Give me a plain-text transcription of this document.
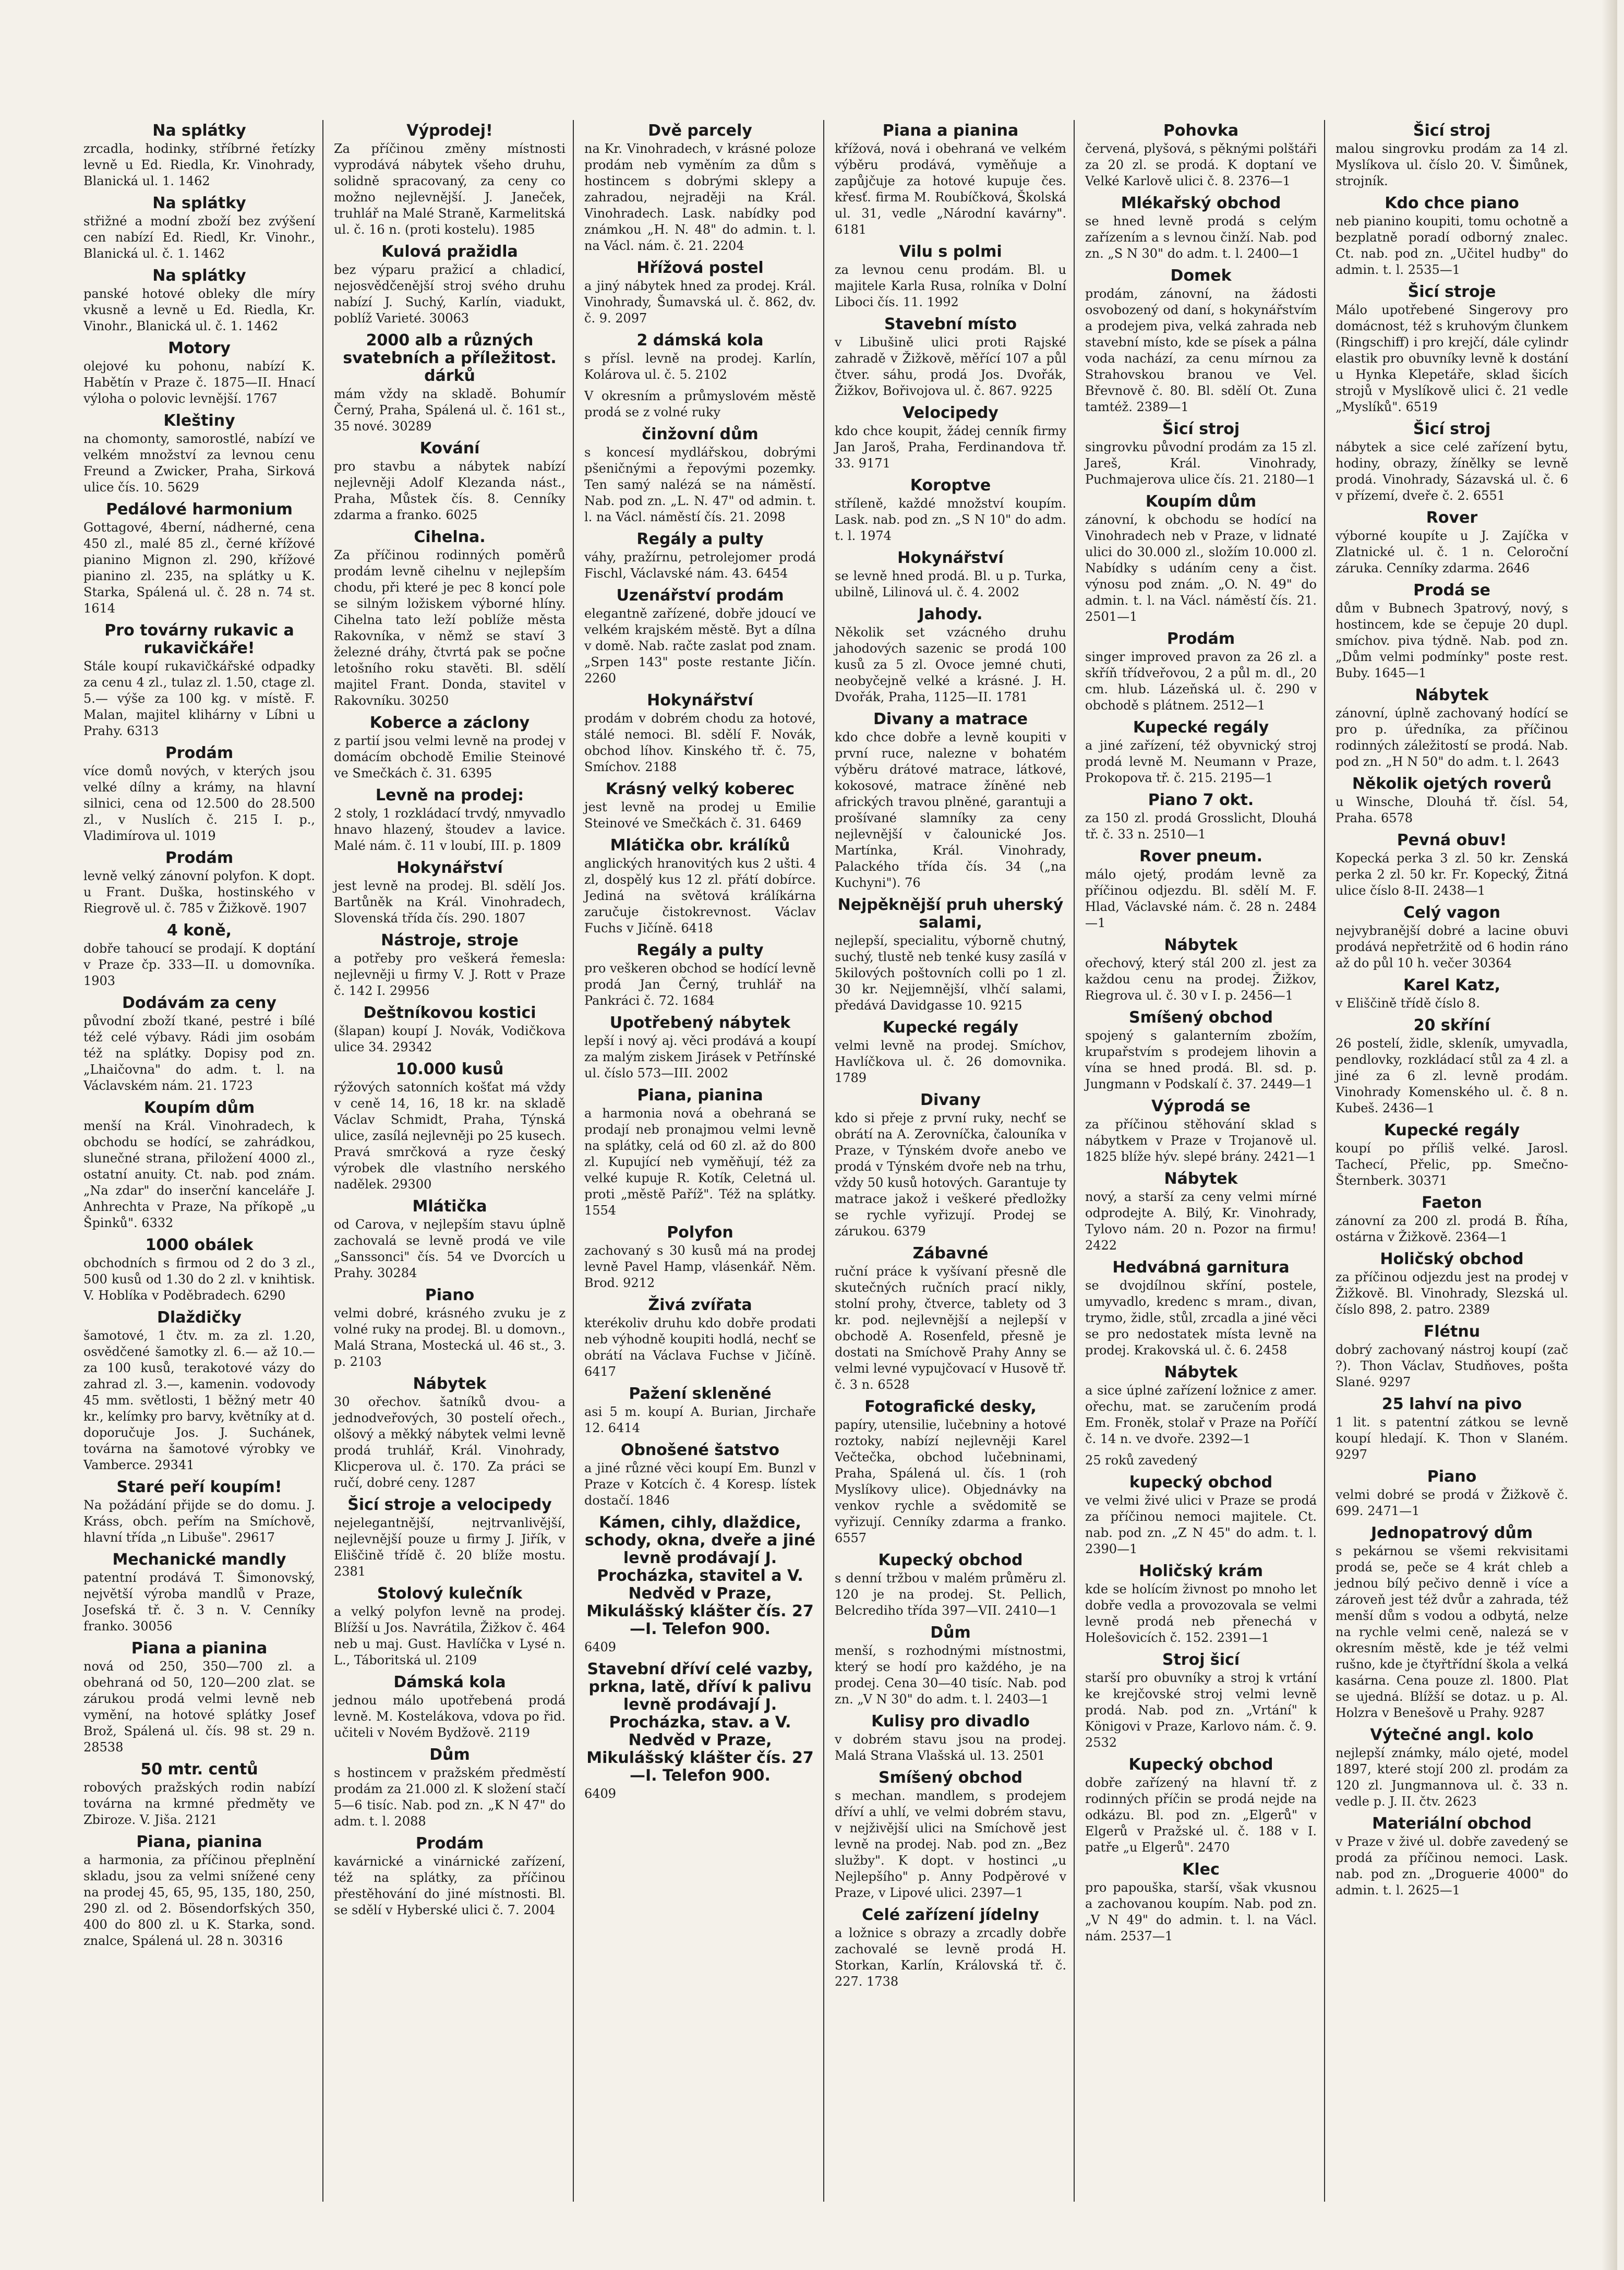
Na splátky

zrcadla, hodinky, stříbrné řetízky levně u Ed. Riedla, Kr. Vinohrady, Blanická ul. 1. 1462

Na splátky

střižné a modní zboží bez zvýšení cen nabízí Ed. Riedl, Kr. Vinohr., Blanická ul. č. 1. 1462

Na splátky

panské hotové obleky dle míry vkusně a levně u Ed. Riedla, Kr. Vinohr., Blanická ul. č. 1. 1462

Motory

olejové ku pohonu, nabízí K. Habětín v Praze č. 1875—II. Hnací výloha o polovic levnější. 1767

Kleštiny

na chomonty, samorostlé, nabízí ve velkém množství za levnou cenu Freund a Zwicker, Praha, Sirková ulice čís. 10. 5629

Pedálové harmonium

Gottagové, 4berní, nádherné, cena 450 zl., malé 85 zl., černé křížové pianino Mignon zl. 290, křížové pianino zl. 235, na splátky u K. Starka, Spálená ul. č. 28 n. 74 st. 1614

Pro továrny rukavic a rukavičkáře!

Stále koupí rukavičkářské odpadky za cenu 4 zl., tulaz zl. 1.50, ctage zl. 5.— výše za 100 kg. v místě. F. Malan, majitel klihárny v Líbni u Prahy. 6313

Prodám

více domů nových, v kterých jsou velké dílny a krámy, na hlavní silnici, cena od 12.500 do 28.500 zl., v Nuslích č. 215 I. p., Vladimírova ul. 1019

Prodám

levně velký zánovní polyfon. K dopt. u Frant. Duška, hostinského v Riegrově ul. č. 785 v Žižkově. 1907

4 koně,

dobře tahoucí se prodají. K doptání v Praze čp. 333—II. u domovníka. 1903

Dodávám za ceny

původní zboží tkané, pestré i bílé též celé výbavy. Rádi jim osobám též na splátky. Dopisy pod zn. „Lhaičovna" do adm. t. l. na Václavském nám. 21. 1723

Koupím dům

menší na Král. Vinohradech, k obchodu se hodící, se zahrádkou, slunečné strana, přiložení 4000 zl., ostatní anuity. Ct. nab. pod znám. „Na zdar" do inserční kanceláře J. Anhrechta v Praze, Na příkopě „u Špinků". 6332

1000 obálek

obchodních s firmou od 2 do 3 zl., 500 kusů od 1.30 do 2 zl. v knihtisk. V. Hoblíka v Poděbradech. 6290

Dlaždičky

šamotové, 1 čtv. m. za zl. 1.20, osvědčené šamotky zl. 6.— až 10.— za 100 kusů, terakotové vázy do zahrad zl. 3.—, kamenin. vodovody 45 mm. světlosti, 1 běžný metr 40 kr., kelímky pro barvy, květníky at d. doporučuje Jos. J. Suchánek, továrna na šamotové výrobky ve Vamberce. 29341

Staré peří koupím!

Na požádání přijde se do domu. J. Kráss, obch. peřím na Smíchově, hlavní třída „n Libuše". 29617

Mechanické mandly

patentní prodává T. Šimonovský, největší výroba mandlů v Praze, Josefská tř. č. 3 n. V. Cenníky franko. 30056

Piana a pianina

nová od 250, 350—700 zl. a obehraná od 50, 120—200 zlat. se zárukou prodá velmi levně neb vymění, na hotové splátky Josef Brož, Spálená ul. čís. 98 st. 29 n. 28538

50 mtr. centů

robových pražských rodin nabízí továrna na krmné předměty ve Zbiroze. V. Jiša. 2121

Piana, pianina

a harmonia, za příčinou přeplnění skladu, jsou za velmi snížené ceny na prodej 45, 65, 95, 135, 180, 250, 290 zl. od 2. Bösendorfských 350, 400 do 800 zl. u K. Starka, sond. znalce, Spálená ul. 28 n. 30316

Výprodej!

Za příčinou změny místnosti vyprodává nábytek všeho druhu, solidně spracovaný, za ceny co možno nejlevnější. J. Janeček, truhlář na Malé Straně, Karmelitská ul. č. 16 n. (proti kostelu). 1985

Kulová pražidla

bez výparu pražicí a chladicí, nejosvědčenější stroj svého druhu nabízí J. Suchý, Karlín, viadukt, poblíž Varieté. 30063

2000 alb a různých svatebních a příležitost. dárků

mám vždy na skladě. Bohumír Černý, Praha, Spálená ul. č. 161 st., 35 nové. 30289

Kování

pro stavbu a nábytek nabízí nejlevněji Adolf Klezanda nást., Praha, Můstek čís. 8. Cenníky zdarma a franko. 6025

Cihelna.

Za příčinou rodinných poměrů prodám levně cihelnu v nejlepším chodu, při které je pec 8 koncí pole se silným ložiskem výborné hlíny. Cihelna tato leží poblíže města Rakovníka, v němž se staví 3 železné dráhy, čtvrtá pak se počne letošního roku stavěti. Bl. sdělí majitel Frant. Donda, stavitel v Rakovníku. 30250

Koberce a záclony

z partií jsou velmi levně na prodej v domácím obchodě Emilie Steinové ve Smečkách č. 31. 6395

Levně na prodej:

2 stoly, 1 rozkládací trvdý, nmyvadlo hnavo hlazený, štoudev a lavice. Malé nám. č. 11 v loubí, III. p. 1809

Hokynářství

jest levně na prodej. Bl. sdělí Jos. Bartůněk na Král. Vinohradech, Slovenská třída čís. 290. 1807

Nástroje, stroje

a potřeby pro veškerá řemesla: nejlevněji u firmy V. J. Rott v Praze č. 142 I. 29956

Deštníkovou kostici

(šlapan) koupí J. Novák, Vodičkova ulice 34. 29342

10.000 kusů

rýžových satonních košťat má vždy v ceně 14, 16, 18 kr. na skladě Václav Schmidt, Praha, Týnská ulice, zasílá nejlevněji po 25 kusech. Pravá smrčková a ryze český výrobek dle vlastního nerského nadělek. 29300

Mlátička

od Carova, v nejlepším stavu úplně zachovalá se levně prodá ve vile „Sanssonci" čís. 54 ve Dvorcích u Prahy. 30284

Piano

velmi dobré, krásného zvuku je z volné ruky na prodej. Bl. u domovn., Malá Strana, Mostecká ul. 46 st., 3. p. 2103

Nábytek

30 ořechov. šatníků dvou- a jednodveřových, 30 postelí ořech., olšový a měkký nábytek velmi levně prodá truhlář, Král. Vinohrady, Klicperova ul. č. 170. Za práci se ručí, dobré ceny. 1287

Šicí stroje a velocipedy

nejelegantnější, nejtrvanlivější, nejlevnější pouze u firmy J. Jiřík, v Eliščině třídě č. 20 blíže mostu. 2381

Stolový kulečník

a velký polyfon levně na prodej. Blížší u Jos. Navrátila, Žižkov č. 464 neb u maj. Gust. Havlíčka v Lysé n. L., Táboritská ul. 2109

Dámská kola

jednou málo upotřebená prodá levně. M. Kostelákova, vdova po řid. učiteli v Novém Bydžově. 2119

Dům

s hostincem v pražském předměstí prodám za 21.000 zl. K složení stačí 5—6 tisíc. Nab. pod zn. „K N 47" do adm. t. l. 2088

Prodám

kavárnické a vinárnické zařízení, též na splátky, za příčinou přestěhování do jiné místnosti. Bl. se sdělí v Hyberské ulici č. 7. 2004

Dvě parcely

na Kr. Vinohradech, v krásné poloze prodám neb vyměním za dům s hostincem s dobrými sklepy a zahradou, nejraději na Král. Vinohradech. Lask. nabídky pod známkou „H. N. 48" do admin. t. l. na Václ. nám. č. 21. 2204

Hřížová postel

a jiný nábytek hned za prodej. Král. Vinohrady, Šumavská ul. č. 862, dv. č. 9. 2097

2 dámská kola

s přísl. levně na prodej. Karlín, Kolárova ul. č. 5. 2102

V okresním a průmyslovém městě prodá se z volné ruky

činžovní dům

s koncesí mydlářskou, dobrými pšeničnými a řepovými pozemky. Ten samý nalézá se na náměstí. Nab. pod zn. „L. N. 47" od admin. t. l. na Václ. náměstí čís. 21. 2098

Regály a pulty

váhy, pražírnu, petrolejomer prodá Fischl, Václavské nám. 43. 6454

Uzenářství prodám

elegantně zařízené, dobře jdoucí ve velkém krajském městě. Byt a dílna v domě. Nab. račte zaslat pod znam. „Srpen 143" poste restante Jičín. 2260

Hokynářství

prodám v dobrém chodu za hotové, stálé nemoci. Bl. sdělí F. Novák, obchod líhov. Kinského tř. č. 75, Smíchov. 2188

Krásný velký koberec

jest levně na prodej u Emilie Steinové ve Smečkách č. 31. 6469

Mlátička obr. králíků

anglických hranovitých kus 2 ušti. 4 zl, dospělý kus 12 zl. přátí dobírce. Jediná na světová králíkárna zaručuje čistokrevnost. Václav Fuchs v Jičíně. 6418

Regály a pulty

pro veškeren obchod se hodící levně prodá Jan Černý, truhlář na Pankráci č. 72. 1684

Upotřebený nábytek

lepší i nový aj. věci prodává a koupí za malým ziskem Jirásek v Petřínské ul. číslo 573—III. 2002

Piana, pianina

a harmonia nová a obehraná se prodají neb pronajmou velmi levně na splátky, celá od 60 zl. až do 800 zl. Kupující neb vyměňují, též za velké kupuje R. Kotík, Celetná ul. proti „městě Paříž". Též na splátky. 1554

Polyfon

zachovaný s 30 kusů má na prodej levně Pavel Hamp, vlásenkář. Něm. Brod. 9212

Živá zvířata

kterékoliv druhu kdo dobře prodati neb výhodně koupiti hodlá, nechť se obrátí na Václava Fuchse v Jičíně. 6417

Pažení skleněné

asi 5 m. koupí A. Burian, Jirchaře 12. 6414

Obnošené šatstvo

a jiné různé věci koupí Em. Bunzl v Praze v Kotcích č. 4 Koresp. lístek dostačí. 1846

Kámen, cihly, dlaždice, schody, okna, dveře a jiné levně prodávají J. Procházka, stavitel a V. Nedvěd v Praze, Mikulášský klášter čís. 27—I. Telefon 900.

6409

Stavební dříví celé vazby, prkna, latě, dříví k palivu levně prodávají J. Procházka, stav. a V. Nedvěd v Praze, Mikulášský klášter čís. 27—I. Telefon 900.

6409

Piana a pianina

křížová, nová i obehraná ve velkém výběru prodává, vyměňuje a zapůjčuje za hotové kupuje čes. křesť. firma M. Roubíčková, Školská ul. 31, vedle „Národní kavárny". 6181

Vilu s polmi

za levnou cenu prodám. Bl. u majitele Karla Rusa, rolníka v Dolní Liboci čís. 11. 1992

Stavební místo

v Libušině ulici proti Rajské zahradě v Žižkově, měřící 107 a půl čtver. sáhu, prodá Jos. Dvořák, Žižkov, Bořivojova ul. č. 867. 9225

Velocipedy

kdo chce koupit, žádej cenník firmy Jan Jaroš, Praha, Ferdinandova tř. 33. 9171

Koroptve

stříleně, každé množství koupím. Lask. nab. pod zn. „S N 10" do adm. t. l. 1974

Hokynářství

se levně hned prodá. Bl. u p. Turka, ubilně, Lilinová ul. č. 4. 2002

Jahody.

Několik set vzácného druhu jahodových sazenic se prodá 100 kusů za 5 zl. Ovoce jemné chuti, neobyčejně velké a krásné. J. H. Dvořák, Praha, 1125—II. 1781

Divany a matrace

kdo chce dobře a levně koupiti v první ruce, nalezne v bohatém výběru drátové matrace, látkové, kokosové, matrace žíněné neb afrických travou plněné, garantuji a prošívané slamníky za ceny nejlevnější v čalounické Jos. Martínka, Král. Vinohrady, Palackého třída čís. 34 („na Kuchyni"). 76

Nejpěknější pruh uherský salami,

nejlepší, specialitu, výborně chutný, suchý, tlustě neb tenké kusy zasílá v 5kilových poštovních colli po 1 zl. 30 kr. Nejjemnější, vlhčí salami, předává Davidgasse 10. 9215

Kupecké regály

velmi levně na prodej. Smíchov, Havlíčkova ul. č. 26 domovnika. 1789

Divany

kdo si přeje z první ruky, nechť se obrátí na A. Zerovníčka, čalouníka v Praze, v Týnském dvoře anebo ve prodá v Týnském dvoře neb na trhu, vždy 50 kusů hotových. Garantuje ty matrace jakož i veškeré předložky se rychle vyřizují. Prodej se zárukou. 6379

Zábavné

ruční práce k vyšívaní přesně dle skutečných ručních prací nikly, stolní prohy, čtverce, tablety od 3 kr. pod. nejlevnější a nejlepší v obchodě A. Rosenfeld, přesně je dostati na Smíchově Prahy Anny se velmi levné vypujčovací v Husově tř. č. 3 n. 6528

Fotografické desky,

papíry, utensilie, lučebniny a hotové roztoky, nabízí nejlevněji Karel Večtečka, obchod lučebninami, Praha, Spálená ul. čís. 1 (roh Myslíkovy ulice). Objednávky na venkov rychle a svědomitě se vyřizují. Cenníky zdarma a franko. 6557

Kupecký obchod

s denní tržbou v malém průměru zl. 120 je na prodej. St. Pellich, Belcrediho třída 397—VII. 2410—1

Dům

menší, s rozhodnými místnostmi, který se hodí pro každého, je na prodej. Cena 30—40 tisíc. Nab. pod zn. „V N 30" do adm. t. l. 2403—1

Kulisy pro divadlo

v dobrém stavu jsou na prodej. Malá Strana Vlašská ul. 13. 2501

Smíšený obchod

s mechan. mandlem, s prodejem dříví a uhlí, ve velmi dobrém stavu, v nejživější ulici na Smíchově jest levně na prodej. Nab. pod zn. „Bez služby". K dopt. v hostinci „u Nejlepšího" p. Anny Podpěrové v Praze, v Lipové ulici. 2397—1

Celé zařízení jídelny

a ložnice s obrazy a zrcadly dobře zachovalé se levně prodá H. Storkan, Karlín, Královská tř. č. 227. 1738

Pohovka

červená, plyšová, s pěknými polštáři za 20 zl. se prodá. K doptaní ve Velké Karlově ulici č. 8. 2376—1

Mlékařský obchod

se hned levně prodá s celým zařízením a s levnou činží. Nab. pod zn. „S N 30" do adm. t. l. 2400—1

Domek

prodám, zánovní, na žádosti osvobozený od daní, s hokynářstvím a prodejem piva, velká zahrada neb stavební místo, kde se písek a pálna voda nachází, za cenu mírnou za Strahovskou branou ve Vel. Břevnově č. 80. Bl. sdělí Ot. Zuna tamtéž. 2389—1

Šicí stroj

singrovku původní prodám za 15 zl. Jareš, Král. Vinohrady, Puchmajerova ulice čís. 21. 2180—1

Koupím dům

zánovní, k obchodu se hodící na Vinohradech neb v Praze, v lidnaté ulici do 30.000 zl., složím 10.000 zl. Nabídky s udáním ceny a čist. výnosu pod znám. „O. N. 49" do admin. t. l. na Václ. náměstí čís. 21. 2501—1

Prodám

singer improved pravon za 26 zl. a skříň třídveřovou, 2 a půl m. dl., 20 cm. hlub. Lázeňská ul. č. 290 v obchodě s plátnem. 2512—1

Kupecké regály

a jiné zařízení, též obyvnický stroj prodá levně M. Neumann v Praze, Prokopova tř. č. 215. 2195—1

Piano 7 okt.

za 150 zl. prodá Grosslicht, Dlouhá tř. č. 33 n. 2510—1

Rover pneum.

málo ojetý, prodám levně za příčinou odjezdu. Bl. sdělí M. F. Hlad, Václavské nám. č. 28 n. 2484—1

Nábytek

ořechový, který stál 200 zl. jest za každou cenu na prodej. Žižkov, Riegrova ul. č. 30 v I. p. 2456—1

Smíšený obchod

spojený s galanterním zbožím, krupařstvím s prodejem lihovin a vína se hned prodá. Bl. sd. p. Jungmann v Podskalí č. 37. 2449—1

Výprodá se

za příčinou stěhování sklad s nábytkem v Praze v Trojanově ul. 1825 blíže hýv. slepé brány. 2421—1

Nábytek

nový, a starší za ceny velmi mírné odprodejte A. Bilý, Kr. Vinohrady, Tylovo nám. 20 n. Pozor na firmu! 2422

Hedvábná garnitura

se dvojdílnou skříní, postele, umyvadlo, kredenc s mram., divan, trymo, židle, stůl, zrcadla a jiné věci se pro nedostatek místa levně na prodej. Krakovská ul. č. 6. 2458

Nábytek

a sice úplné zařízení ložnice z amer. ořechu, mat. se zaručením prodá Em. Froněk, stolař v Praze na Poříčí č. 14 n. ve dvoře. 2392—1

25 roků zavedený

kupecký obchod

ve velmi živé ulici v Praze se prodá za příčinou nemoci majitele. Ct. nab. pod zn. „Z N 45" do adm. t. l. 2390—1

Holičský krám

kde se holícím živnost po mnoho let dobře vedla a provozovala se velmi levně prodá neb přenechá v Holešovicích č. 152. 2391—1

Stroj šicí

starší pro obuvníky a stroj k vrtání ke krejčovské stroj velmi levně prodá. Nab. pod zn. „Vrtání" k Königovi v Praze, Karlovo nám. č. 9. 2532

Kupecký obchod

dobře zařízený na hlavní tř. z rodinných příčin se prodá nejde na odkázu. Bl. pod zn. „Elgerů" v Elgerů v Pražské ul. č. 188 v I. patře „u Elgerů". 2470

Klec

pro papouška, starší, však vkusnou a zachovanou koupím. Nab. pod zn. „V N 49" do admin. t. l. na Václ. nám. 2537—1

Šicí stroj

malou singrovku prodám za 14 zl. Myslíkova ul. číslo 20. V. Šimůnek, strojník.

Kdo chce piano

neb pianino koupiti, tomu ochotně a bezplatně poradí odborný znalec. Ct. nab. pod zn. „Učitel hudby" do admin. t. l. 2535—1

Šicí stroje

Málo upotřebené Singerovy pro domácnost, též s kruhovým člunkem (Ringschiff) i pro krejčí, dále cylindr elastik pro obuvníky levně k dostání u Hynka Klepetáře, sklad šicích strojů v Myslíkově ulici č. 21 vedle „Myslíků". 6519

Šicí stroj

nábytek a sice celé zařízení bytu, hodiny, obrazy, žínělky se levně prodá. Vinohrady, Sázavská ul. č. 6 v přízemí, dveře č. 2. 6551

Rover

výborné koupíte u J. Zajíčka v Zlatnické ul. č. 1 n. Celoroční záruka. Cenníky zdarma. 2646

Prodá se

dům v Bubnech 3patrový, nový, s hostincem, kde se čepuje 20 dupl. smíchov. piva týdně. Nab. pod zn. „Dům velmi podmínky" poste rest. Buby. 1645—1

Nábytek

zánovní, úplně zachovaný hodící se pro p. úředníka, za příčinou rodinných záležitostí se prodá. Nab. pod zn. „H N 50" do adm. t. l. 2643

Několik ojetých roverů

u Winsche, Dlouhá tř. čísl. 54, Praha. 6578

Pevná obuv!

Kopecká perka 3 zl. 50 kr. Zenská perka 2 zl. 50 kr. Fr. Kopecký, Žitná ulice číslo 8-II. 2438—1

Celý vagon

nejvybranější dobré a lacine obuvi prodává nepřetržitě od 6 hodin ráno až do půl 10 h. večer 30364

Karel Katz,

v Eliščině třídě číslo 8.

20 skříní

26 postelí, židle, skleník, umyvadla, pendlovky, rozkládací stůl za 4 zl. a jiné za 6 zl. levně prodám. Vinohrady Komenského ul. č. 8 n. Kubeš. 2436—1

Kupecké regály

koupí po příliš velké. Jarosl. Tachecí, Přelic, pp. Smečno-Šternberk. 30371

Faeton

zánovní za 200 zl. prodá B. Říha, ostárna v Žižkově. 2364—1

Holičský obchod

za příčinou odjezdu jest na prodej v Žižkově. Bl. Vinohrady, Slezská ul. číslo 898, 2. patro. 2389

Flétnu

dobrý zachovaný nástroj koupí (zač ?). Thon Václav, Studňoves, pošta Slané. 9297

25 lahví na pivo

1 lit. s patentní zátkou se levně koupí hledají. K. Thon v Slaném. 9297

Piano

velmi dobré se prodá v Žižkově č. 699. 2471—1

Jednopatrový dům

s pekárnou se všemi rekvisitami prodá se, peče se 4 krát chleb a jednou bílý pečivo denně i více a zároveň jest též dvůr a zahrada, též menší dům s vodou a odbytá, nelze na rychle velmi ceně, nalezá se v okresním městě, kde je též velmi rušno, kde je čtyřtřídní škola a velká kasárna. Cena pouze zl. 1800. Plat se ujedná. Blížší se dotaz. u p. Al. Holzra v Benešově u Prahy. 9287

Výtečné angl. kolo

nejlepší známky, málo ojeté, model 1897, které stojí 200 zl. prodám za 120 zl. Jungmannova ul. č. 33 n. vedle p. J. II. čtv. 2623

Materiální obchod

v Praze v živé ul. dobře zavedený se prodá za příčinou nemoci. Lask. nab. pod zn. „Droguerie 4000" do admin. t. l. 2625—1
